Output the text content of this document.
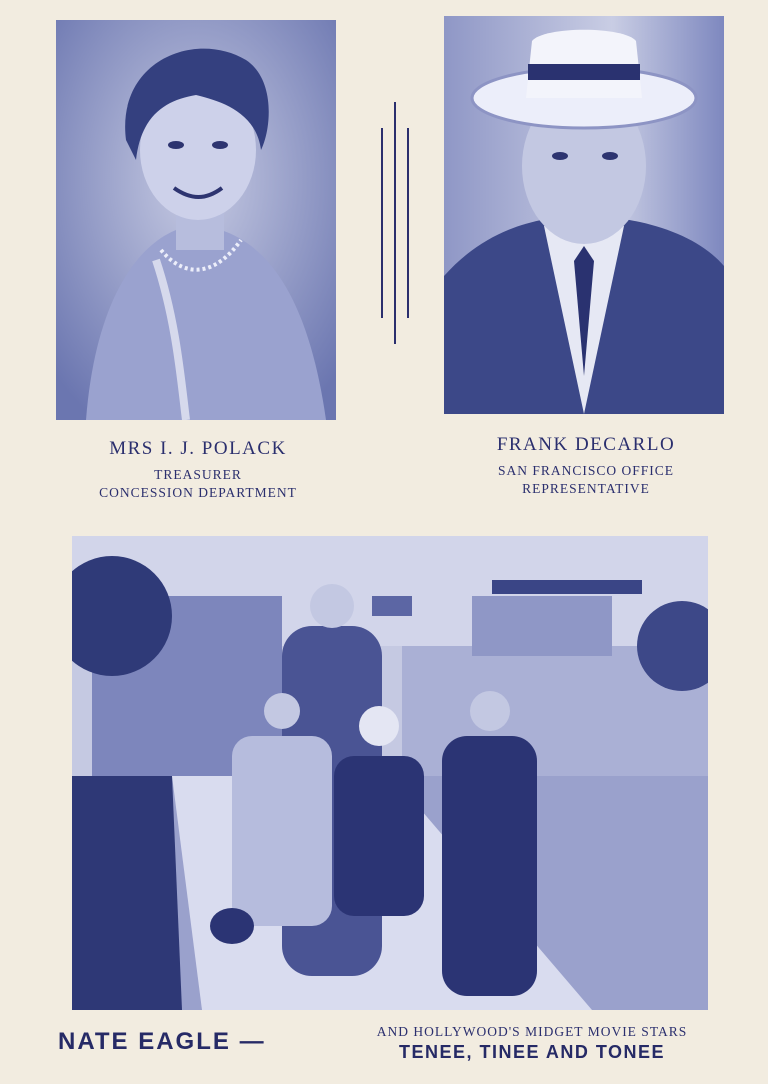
MRS I. J. POLACK
TREASURER
CONCESSION DEPARTMENT
FRANK DECARLO
SAN FRANCISCO OFFICE
REPRESENTATIVE
NATE EAGLE —	AND HOLLYWOOD'S MIDGET MOVIE STARS
TENEE, TINEE AND TONEE
